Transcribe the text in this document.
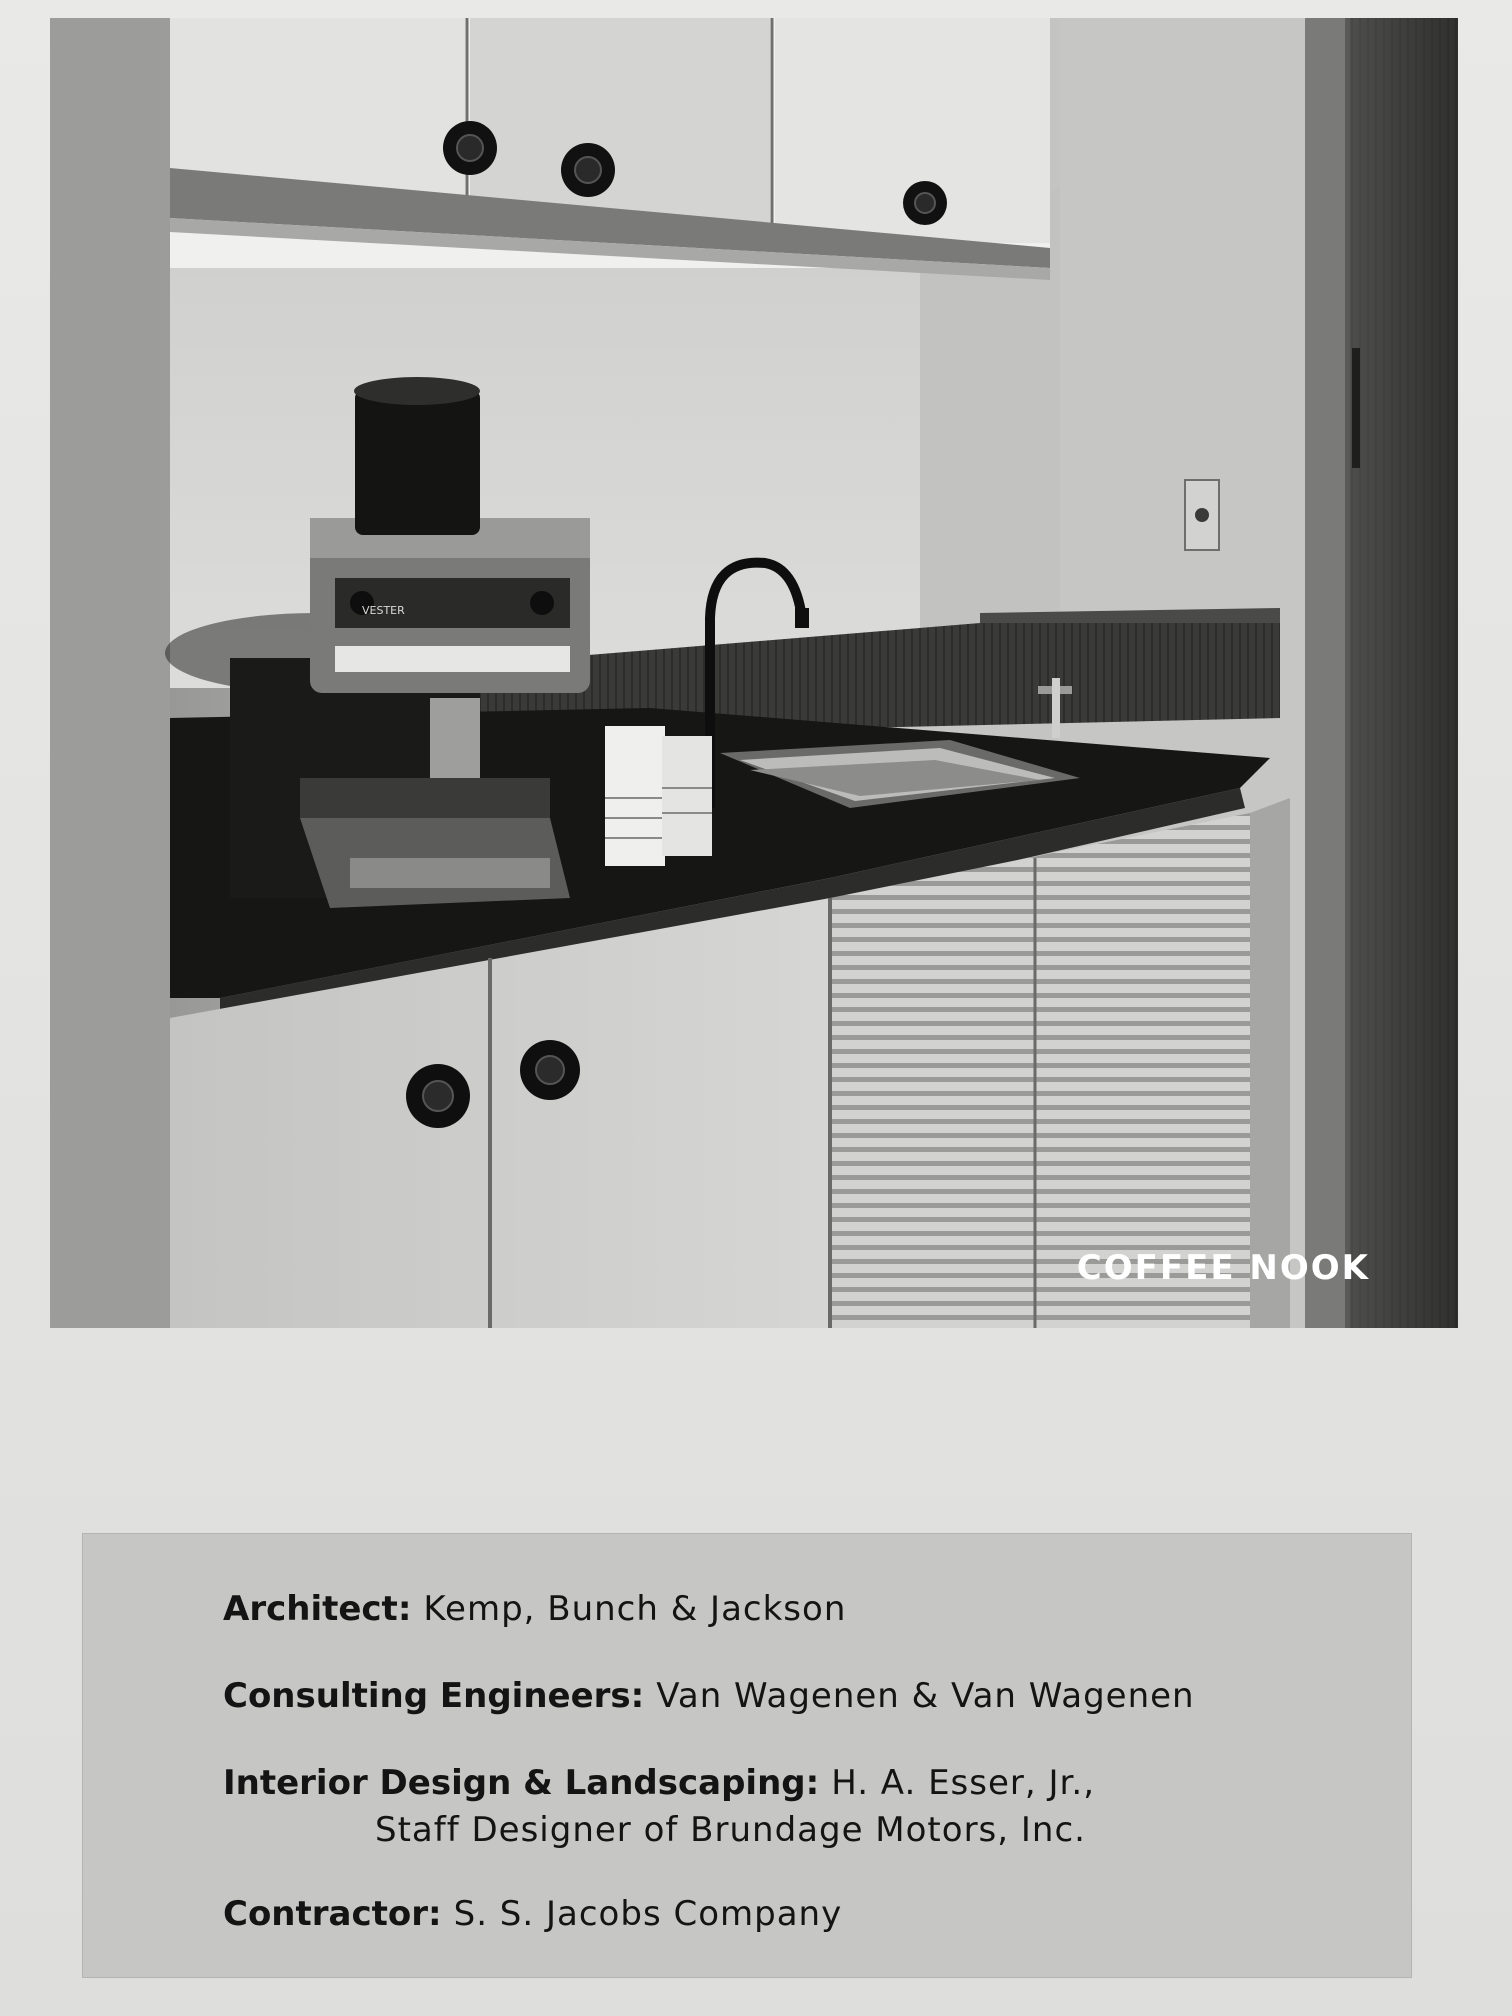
VESTER
COFFEE NOOK
Architect: Kemp, Bunch & Jackson
Consulting Engineers: Van Wagenen & Van Wagenen
Interior Design & Landscaping: H. A. Esser, Jr.,
Staff Designer of Brundage Motors, Inc.
Contractor: S. S. Jacobs Company
